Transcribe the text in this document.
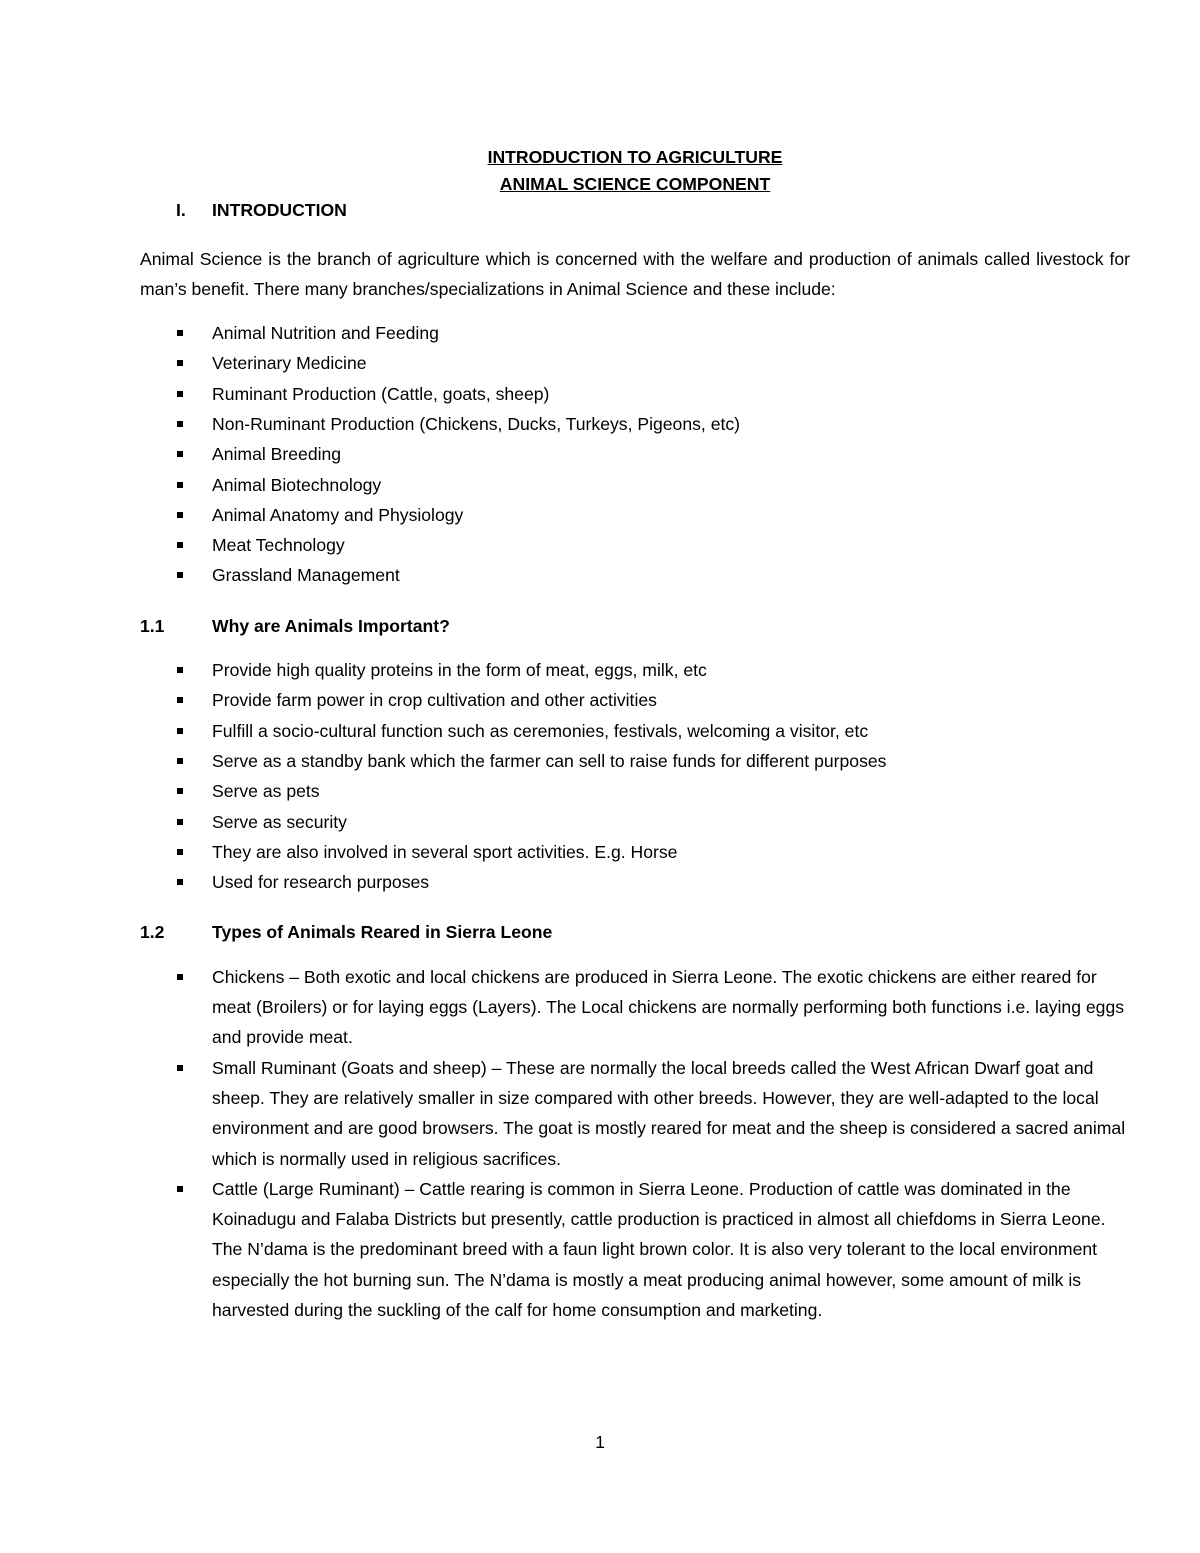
INTRODUCTION TO AGRICULTURE
ANIMAL SCIENCE COMPONENT
I.	INTRODUCTION

Animal Science is the branch of agriculture which is concerned with the welfare and production of animals called livestock for man’s benefit. There many branches/specializations in Animal Science and these include:

Animal Nutrition and Feeding
Veterinary Medicine
Ruminant Production (Cattle, goats, sheep)
Non-Ruminant Production (Chickens, Ducks, Turkeys, Pigeons, etc)
Animal Breeding
Animal Biotechnology
Animal Anatomy and Physiology
Meat Technology
Grassland Management
1.1	Why are Animals Important?
Provide high quality proteins in the form of meat, eggs, milk, etc
Provide farm power in crop cultivation and other activities
Fulfill a socio-cultural function such as ceremonies, festivals, welcoming a visitor, etc
Serve as a standby bank which the farmer can sell to raise funds for different purposes
Serve as pets
Serve as security
They are also involved in several sport activities. E.g. Horse
Used for research purposes
1.2	Types of Animals Reared in Sierra Leone
Chickens – Both exotic and local chickens are produced in Sierra Leone. The exotic chickens are either reared for meat (Broilers) or for laying eggs (Layers). The Local chickens are normally performing both functions i.e. laying eggs and provide meat.
Small Ruminant (Goats and sheep) – These are normally the local breeds called the West African Dwarf goat and sheep. They are relatively smaller in size compared with other breeds. However, they are well-adapted to the local environment and are good browsers. The goat is mostly reared for meat and the sheep is considered a sacred animal which is normally used in religious sacrifices.
Cattle (Large Ruminant) – Cattle rearing is common in Sierra Leone. Production of cattle was dominated in the Koinadugu and Falaba Districts but presently, cattle production is practiced in almost all chiefdoms in Sierra Leone. The N’dama is the predominant breed with a faun light brown color. It is also very tolerant to the local environment especially the hot burning sun. The N’dama is mostly a meat producing animal however, some amount of milk is harvested during the suckling of the calf for home consumption and marketing.
1
